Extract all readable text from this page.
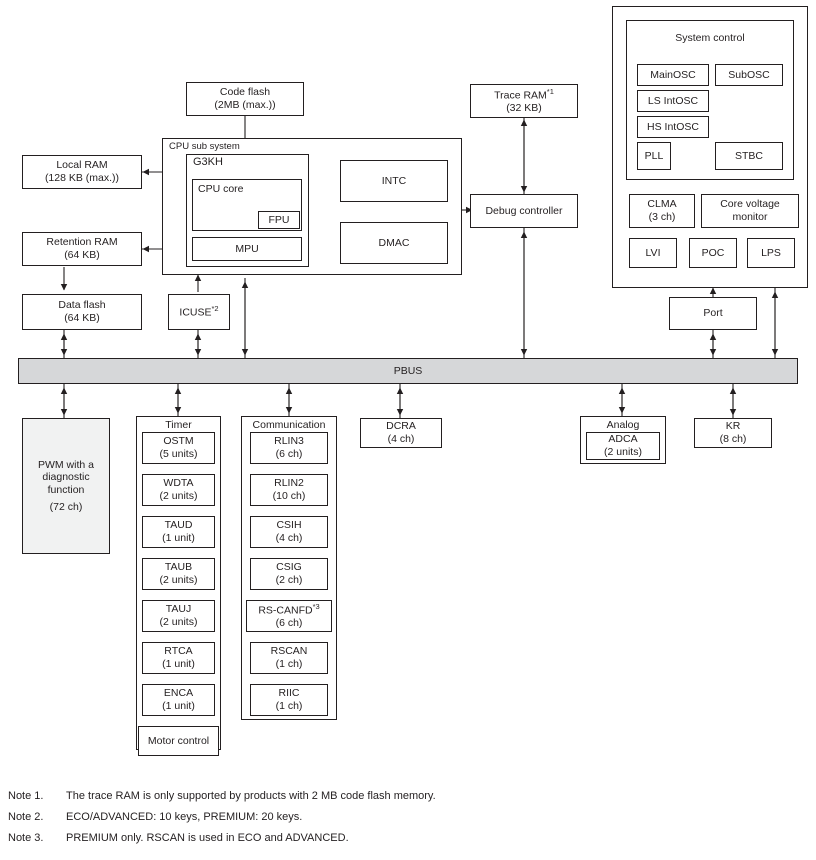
Code flash
(2MB (max.))
Trace RAM$^{*1}$
(32 KB)
CPU sub system
G3KH
CPU core
FPU
MPU
INTC
DMAC
Debug controller
Local RAM
(128 KB (max.))
Retention RAM
(64 KB)
Data flash
(64 KB)	ICUSE$^{*2}$
System control
MainOSC	SubOSC
LS IntOSC
HS IntOSC
PLL	STBC
CLMA
(3 ch)
Core voltage monitor
LVI	POC	LPS
Port
PBUS
PWM with a diagnostic function
(72 ch)
Timer
OSTM
(5 units)
WDTA
(2 units)
TAUD
(1 unit)
TAUB
(2 units)
TAUJ
(2 units)
RTCA
(1 unit)
ENCA
(1 unit)
Motor control
Communication
RLIN3
(6 ch)
RLIN2
(10 ch)
CSIH
(4 ch)
CSIG
(2 ch)
RS-CANFD$^{*3}$
(6 ch)
RSCAN
(1 ch)
RIIC
(1 ch)
DCRA
(4 ch)
Analog
ADCA
(2 units)
KR
(8 ch)
Note 1.	The trace RAM is only supported by products with 2 MB code flash memory.
Note 2.	ECO/ADVANCED: 10 keys, PREMIUM: 20 keys.
Note 3.	PREMIUM only. RSCAN is used in ECO and ADVANCED.
